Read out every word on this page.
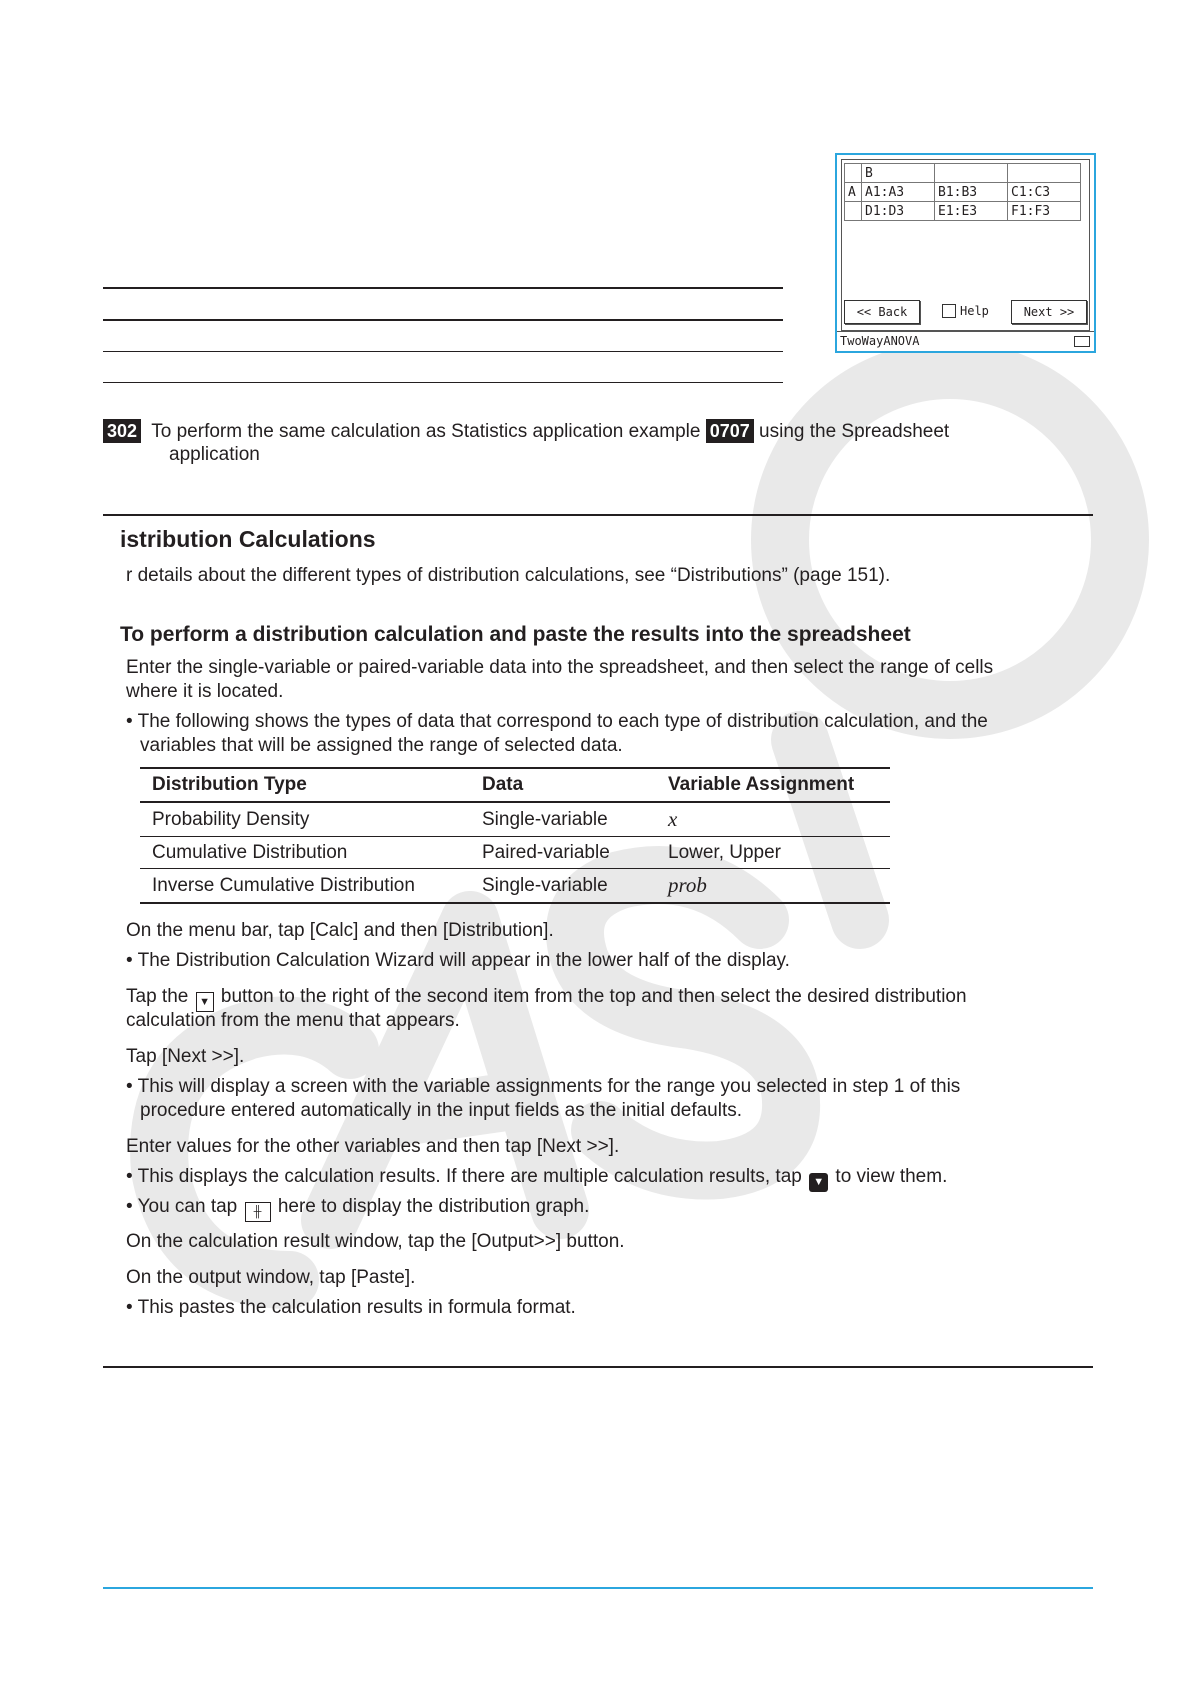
	B		
A	A1:A3	B1:B3	C1:C3
	D1:D3	E1:E3	F1:F3
<< Back	Help	Next >>
TwoWayANOVA
302 To perform the same calculation as Statistics application example 0707 using the Spreadsheet
application
istribution Calculations
r details about the different types of distribution calculations, see “Distributions” (page 151).
To perform a distribution calculation and paste the results into the spreadsheet
Enter the single-variable or paired-variable data into the spreadsheet, and then select the range of cells
where it is located.
• The following shows the types of data that correspond to each type of distribution calculation, and the
variables that will be assigned the range of selected data.
Distribution Type	Data	Variable Assignment
Probability Density	Single-variable	x
Cumulative Distribution	Paired-variable	Lower, Upper
Inverse Cumulative Distribution	Single-variable	prob
On the menu bar, tap [Calc] and then [Distribution].
• The Distribution Calculation Wizard will appear in the lower half of the display.
Tap the ▼ button to the right of the second item from the top and then select the desired distribution
calculation from the menu that appears.
Tap [Next >>].
• This will display a screen with the variable assignments for the range you selected in step 1 of this
procedure entered automatically in the input fields as the initial defaults.
Enter values for the other variables and then tap [Next >>].
• This displays the calculation results. If there are multiple calculation results, tap ▼ to view them.
• You can tap ╫ here to display the distribution graph.
On the calculation result window, tap the [Output>>] button.
On the output window, tap [Paste].
• This pastes the calculation results in formula format.
